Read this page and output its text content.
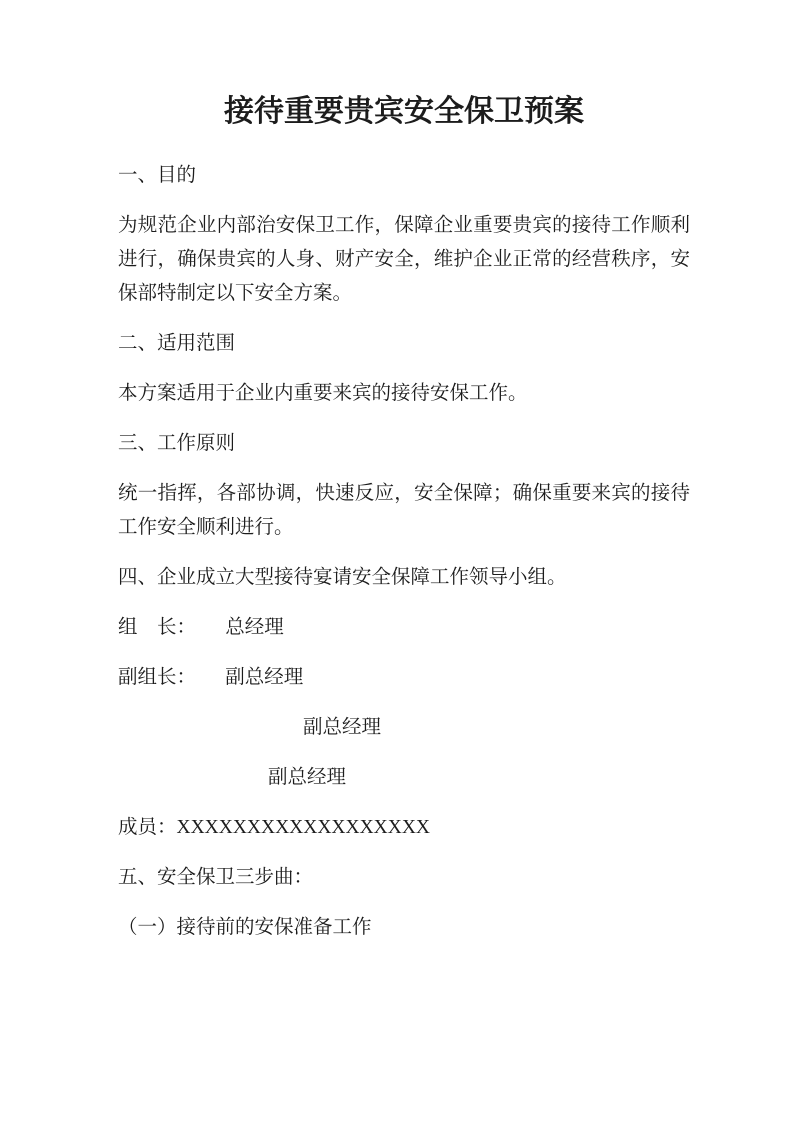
接待重要贵宾安全保卫预案

一、目的

为规范企业内部治安保卫工作，保障企业重要贵宾的接待工作顺利进行，确保贵宾的人身、财产安全，维护企业正常的经营秩序，安保部特制定以下安全方案。

二、适用范围

本方案适用于企业内重要来宾的接待安保工作。

三、工作原则

统一指挥，各部协调，快速反应，安全保障；确保重要来宾的接待工作安全顺利进行。

四、企业成立大型接待宴请安全保障工作领导小组。

组　长：　　总经理

副组长：　　副总经理

副总经理

副总经理

成员：XXXXXXXXXXXXXXXXXX

五、安全保卫三步曲：

（一）接待前的安保准备工作
